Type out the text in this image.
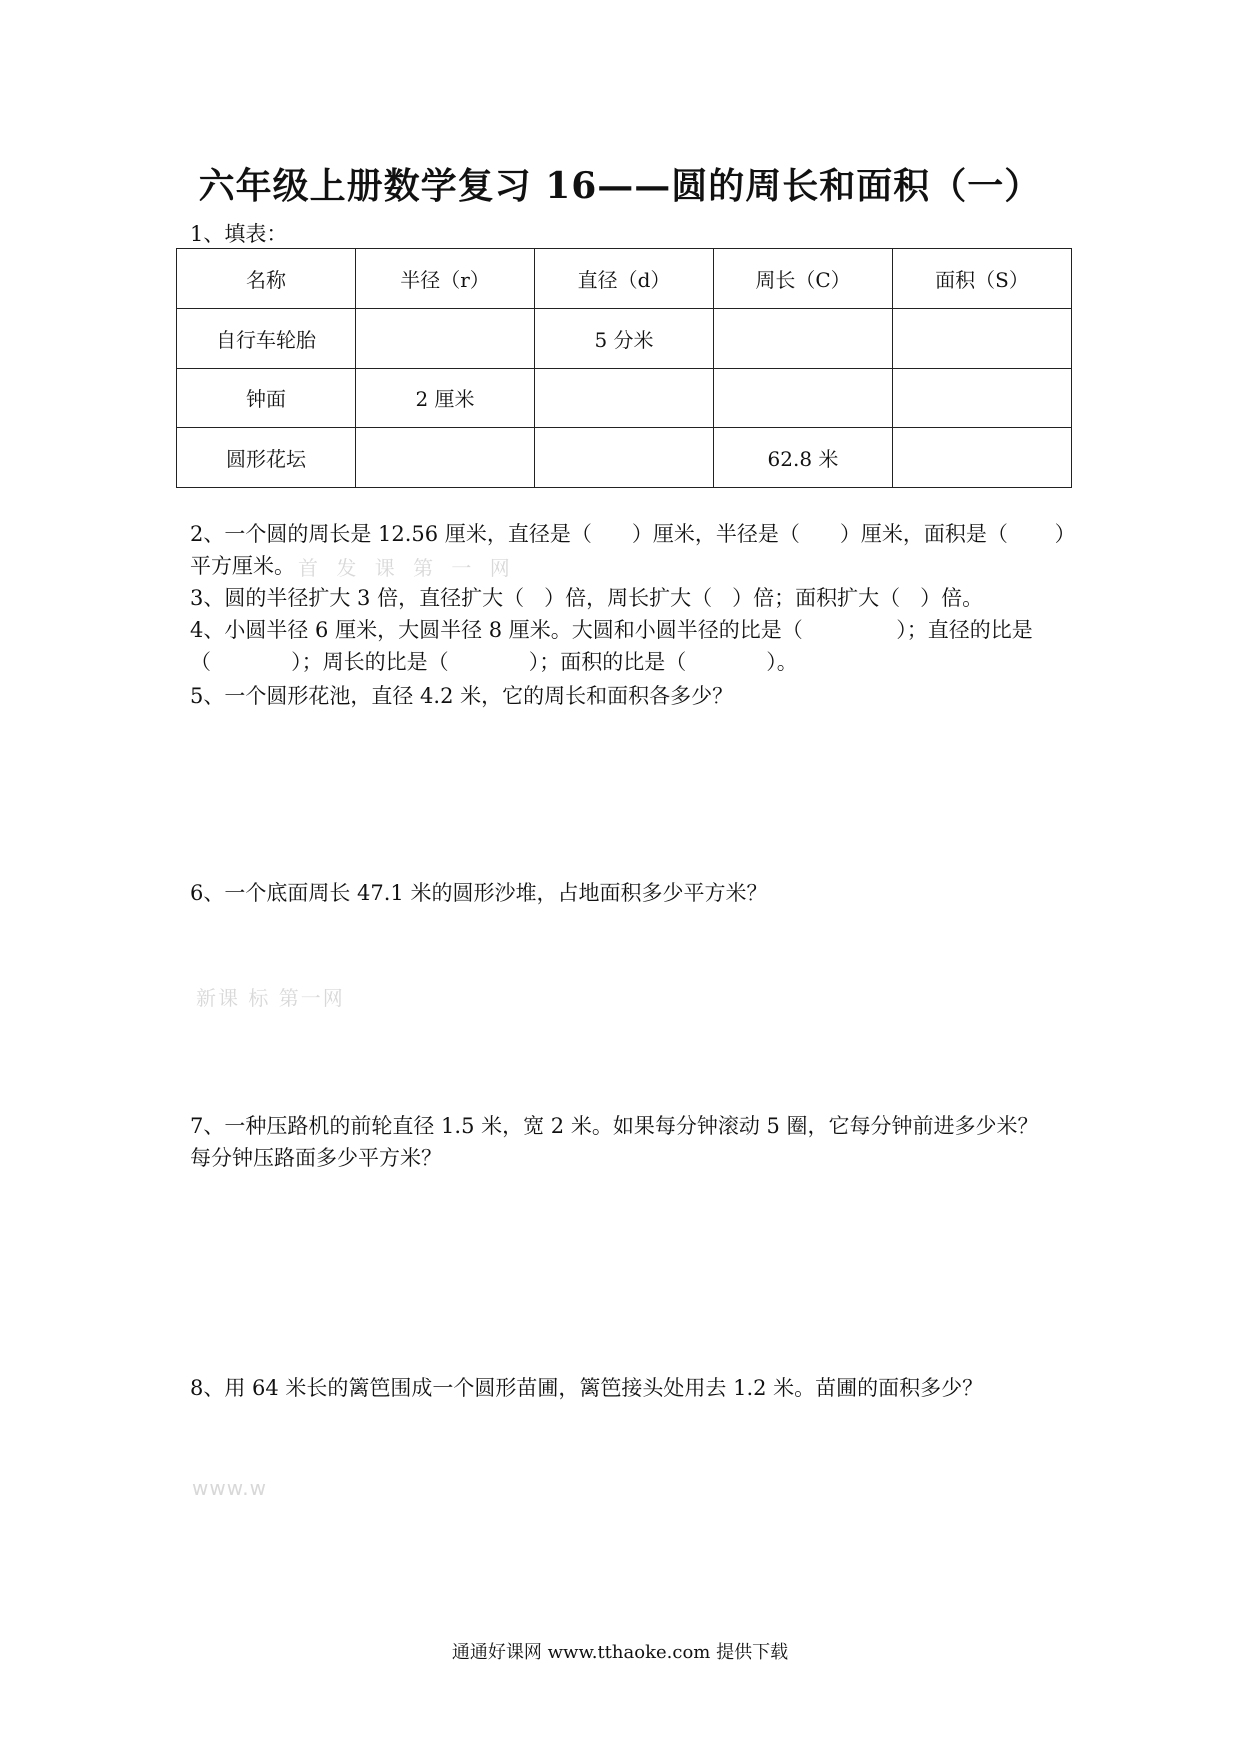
六年级上册数学复习 16——圆的周长和面积（一）
1、填表：
名称	半径（r）	直径（d）	周长（C）	面积（S）
自行车轮胎		5 分米		
钟面	2 厘米			
圆形花坛			62.8 米	
2、一个圆的周长是 12.56 厘米，直径是（      ）厘米，半径是（      ）厘米，面积是（       ）
平方厘米。 首 发 课 第 一 网
3、圆的半径扩大 3 倍，直径扩大（   ）倍，周长扩大（   ）倍；面积扩大（   ）倍。
4、小圆半径 6 厘米，大圆半径 8 厘米。大圆和小圆半径的比是（              ）；直径的比是
（            ）；周长的比是（            ）；面积的比是（            ）。
5、一个圆形花池，直径 4.2 米，它的周长和面积各多少？
6、一个底面周长 47.1 米的圆形沙堆，占地面积多少平方米？
新课 标 第一网
7、一种压路机的前轮直径 1.5 米，宽 2 米。如果每分钟滚动 5 圈，它每分钟前进多少米？
每分钟压路面多少平方米？
8、用 64 米长的篱笆围成一个圆形苗圃，篱笆接头处用去 1.2 米。苗圃的面积多少？
www.w
通通好课网 www.tthaoke.com 提供下载
